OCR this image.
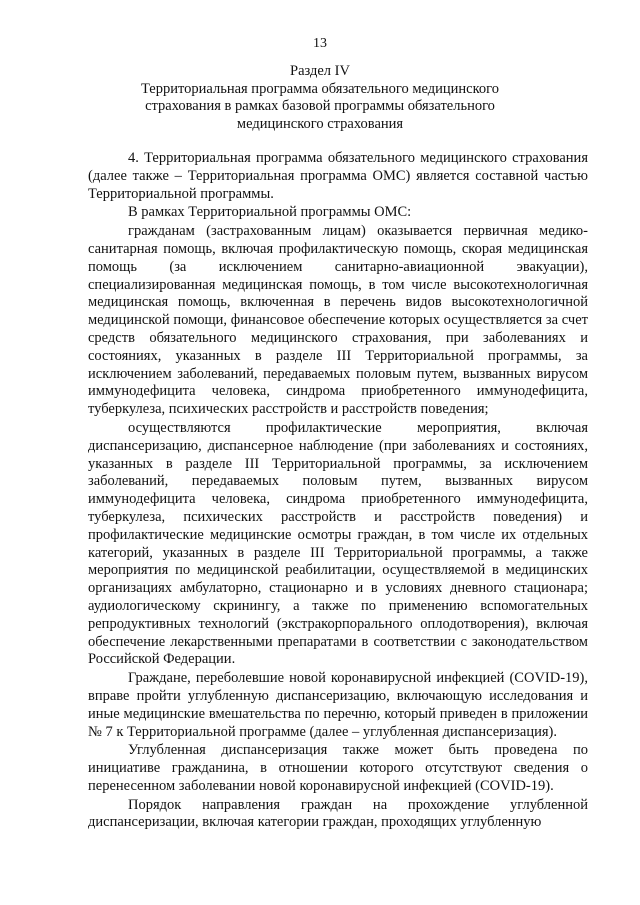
13
Раздел IV
Территориальная программа обязательного медицинского
страхования в рамках базовой программы обязательного
медицинского страхования

4. Территориальная программа обязательного медицинского страхования (далее также – Территориальная программа ОМС) является составной частью Территориальной программы.

В рамках Территориальной программы ОМС:

гражданам (застрахованным лицам) оказывается первичная медико-санитарная помощь, включая профилактическую помощь, скорая медицинская помощь (за исключением санитарно-авиационной эвакуации), специализированная медицинская помощь, в том числе высокотехнологичная медицинская помощь, включенная в перечень видов высокотехнологичной медицинской помощи, финансовое обеспечение которых осуществляется за счет средств обязательного медицинского страхования, при заболеваниях и состояниях, указанных в разделе III Территориальной программы, за исключением заболеваний, передаваемых половым путем, вызванных вирусом иммунодефицита человека, синдрома приобретенного иммунодефицита, туберкулеза, психических расстройств и расстройств поведения;

осуществляются профилактические мероприятия, включая диспансеризацию, диспансерное наблюдение (при заболеваниях и состояниях, указанных в разделе III Территориальной программы, за исключением заболеваний, передаваемых половым путем, вызванных вирусом иммунодефицита человека, синдрома приобретенного иммунодефицита, туберкулеза, психических расстройств и расстройств поведения) и профилактические медицинские осмотры граждан, в том числе их отдельных категорий, указанных в разделе III Территориальной программы, а также мероприятия по медицинской реабилитации, осуществляемой в медицинских организациях амбулаторно, стационарно и в условиях дневного стационара; аудиологическому скринингу, а также по применению вспомогательных репродуктивных технологий (экстракорпорального оплодотворения), включая обеспечение лекарственными препаратами в соответствии с законодательством Российской Федерации.

Граждане, переболевшие новой коронавирусной инфекцией (COVID-19), вправе пройти углубленную диспансеризацию, включающую исследования и иные медицинские вмешательства по перечню, который приведен в приложении № 7 к Территориальной программе (далее – углубленная диспансеризация).

Углубленная диспансеризация также может быть проведена по инициативе гражданина, в отношении которого отсутствуют сведения о перенесенном заболевании новой коронавирусной инфекцией (COVID-19).

Порядок направления граждан на прохождение углубленной диспансеризации, включая категории граждан, проходящих углубленную
